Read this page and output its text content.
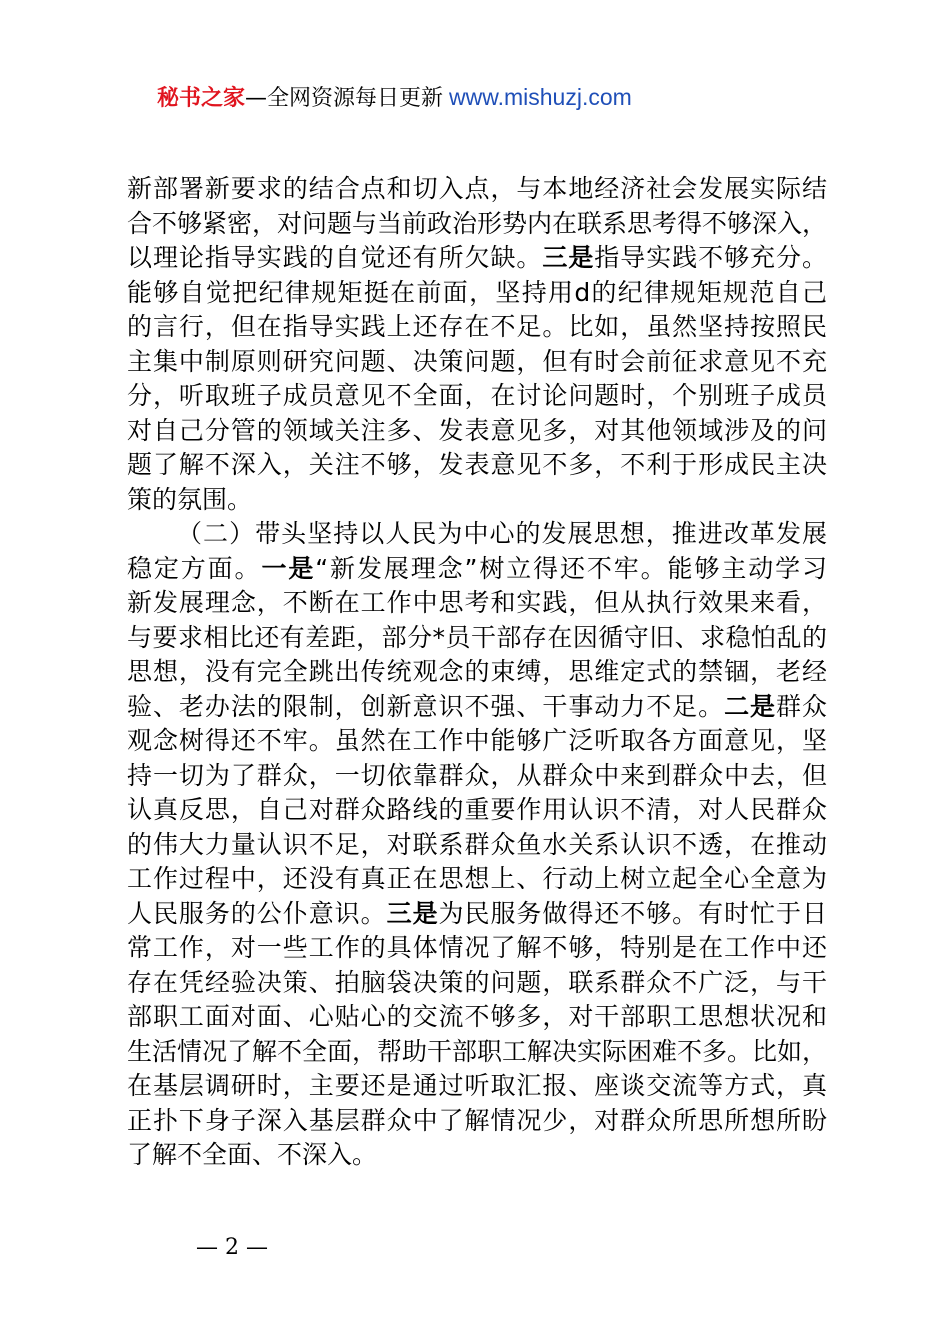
秘书之家—全网资源每日更新 www.mishuzj.com
新部署新要求的结合点和切入点，与本地经济社会发展实际结
合不够紧密，对问题与当前政治形势内在联系思考得不够深入，
以理论指导实践的自觉还有所欠缺。三是指导实践不够充分。
能够自觉把纪律规矩挺在前面，坚持用d的纪律规矩规范自己
的言行，但在指导实践上还存在不足。比如，虽然坚持按照民
主集中制原则研究问题、决策问题，但有时会前征求意见不充
分，听取班子成员意见不全面，在讨论问题时，个别班子成员
对自己分管的领域关注多、发表意见多，对其他领域涉及的问
题了解不深入，关注不够，发表意见不多，不利于形成民主决
策的氛围。
（二）带头坚持以人民为中心的发展思想，推进改革发展
稳定方面。一是“新发展理念”树立得还不牢。能够主动学习
新发展理念，不断在工作中思考和实践，但从执行效果来看，
与要求相比还有差距，部分*员干部存在因循守旧、求稳怕乱的
思想，没有完全跳出传统观念的束缚，思维定式的禁锢，老经
验、老办法的限制，创新意识不强、干事动力不足。二是群众
观念树得还不牢。虽然在工作中能够广泛听取各方面意见，坚
持一切为了群众，一切依靠群众，从群众中来到群众中去，但
认真反思，自己对群众路线的重要作用认识不清，对人民群众
的伟大力量认识不足，对联系群众鱼水关系认识不透，在推动
工作过程中，还没有真正在思想上、行动上树立起全心全意为
人民服务的公仆意识。三是为民服务做得还不够。有时忙于日
常工作，对一些工作的具体情况了解不够，特别是在工作中还
存在凭经验决策、拍脑袋决策的问题，联系群众不广泛，与干
部职工面对面、心贴心的交流不够多，对干部职工思想状况和
生活情况了解不全面，帮助干部职工解决实际困难不多。比如，
在基层调研时，主要还是通过听取汇报、座谈交流等方式，真
正扑下身子深入基层群众中了解情况少，对群众所思所想所盼
了解不全面、不深入。
— 2 —
